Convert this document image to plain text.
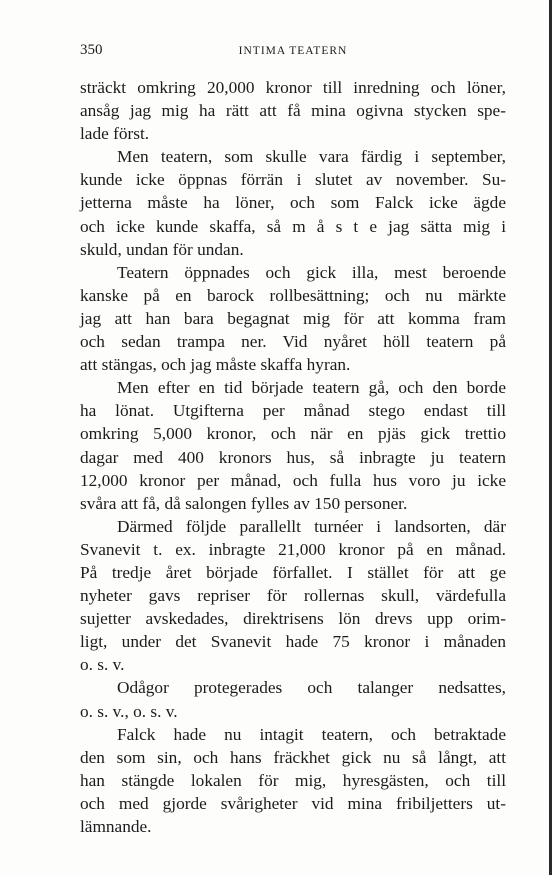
350	INTIMA TEATERN
sträckt omkring 20,000 kronor till inredning och löner,
ansåg jag mig ha rätt att få mina ogivna stycken spe-
lade först.
Men teatern, som skulle vara färdig i september,
kunde icke öppnas förrän i slutet av november. Su-
jetterna måste ha löner, och som Falck icke ägde
och icke kunde skaffa, så m å s t e jag sätta mig i
skuld, undan för undan.
Teatern öppnades och gick illa, mest beroende
kanske på en barock rollbesättning; och nu märkte
jag att han bara begagnat mig för att komma fram
och sedan trampa ner. Vid nyåret höll teatern på
att stängas, och jag måste skaffa hyran.
Men efter en tid började teatern gå, och den borde
ha lönat. Utgifterna per månad stego endast till
omkring 5,000 kronor, och när en pjäs gick trettio
dagar med 400 kronors hus, så inbragte ju teatern
12,000 kronor per månad, och fulla hus voro ju icke
svåra att få, då salongen fylles av 150 personer.
Därmed följde parallellt turnéer i landsorten, där
Svanevit t. ex. inbragte 21,000 kronor på en månad.
På tredje året började förfallet. I stället för att ge
nyheter gavs repriser för rollernas skull, värdefulla
sujetter avskedades, direktrisens lön drevs upp orim-
ligt, under det Svanevit hade 75 kronor i månaden
o. s. v.
Odågor protegerades och talanger nedsattes,
o. s. v., o. s. v.
Falck hade nu intagit teatern, och betraktade
den som sin, och hans fräckhet gick nu så långt, att
han stängde lokalen för mig, hyresgästen, och till
och med gjorde svårigheter vid mina fribiljetters ut-
lämnande.
